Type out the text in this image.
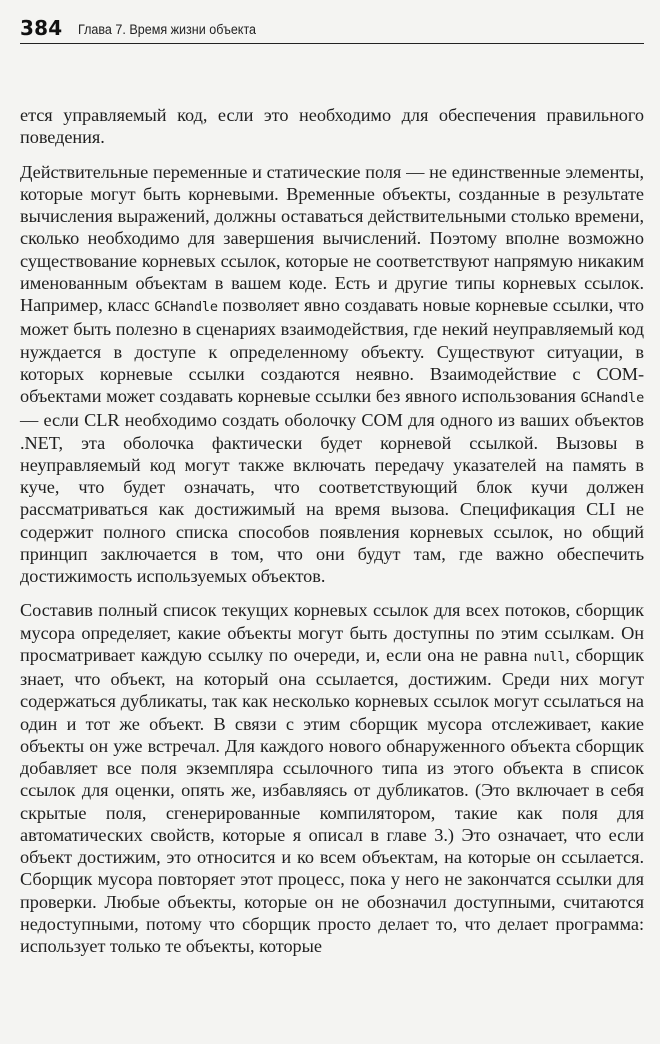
384 Глава 7. Время жизни объекта

ется управляемый код, если это необходимо для обеспечения правильного поведения.

Действительные переменные и статические поля — не единственные элементы, которые могут быть корневыми. Временные объекты, созданные в результате вычисления выражений, должны оставаться действительными столько времени, сколько необходимо для завершения вычислений. Поэтому вполне возможно существование корневых ссылок, которые не соответствуют напрямую никаким именованным объектам в вашем коде. Есть и другие типы корневых ссылок. Например, класс GCHandle позволяет явно создавать новые корневые ссылки, что может быть полезно в сценариях взаимодействия, где некий неуправляемый код нуждается в доступе к определенному объекту. Существуют ситуации, в которых корневые ссылки создаются неявно. Взаимодействие с COM-объектами может создавать корневые ссылки без явного использования GCHandle — если CLR необходимо создать оболочку COM для одного из ваших объектов .NET, эта оболочка фактически будет корневой ссылкой. Вызовы в неуправляемый код могут также включать передачу указателей на память в куче, что будет означать, что соответствующий блок кучи должен рассматриваться как достижимый на время вызова. Спецификация CLI не содержит полного списка способов появления корневых ссылок, но общий принцип заключается в том, что они будут там, где важно обеспечить достижимость используемых объектов.

Составив полный список текущих корневых ссылок для всех потоков, сборщик мусора определяет, какие объекты могут быть доступны по этим ссылкам. Он просматривает каждую ссылку по очереди, и, если она не равна null, сборщик знает, что объект, на который она ссылается, достижим. Среди них могут содержаться дубликаты, так как несколько корневых ссылок могут ссылаться на один и тот же объект. В связи с этим сборщик мусора отслеживает, какие объекты он уже встречал. Для каждого нового обнаруженного объекта сборщик добавляет все поля экземпляра ссылочного типа из этого объекта в список ссылок для оценки, опять же, избавляясь от дубликатов. (Это включает в себя скрытые поля, сгенерированные компилятором, такие как поля для автоматических свойств, которые я описал в главе 3.) Это означает, что если объект достижим, это относится и ко всем объектам, на которые он ссылается. Сборщик мусора повторяет этот процесс, пока у него не закончатся ссылки для проверки. Любые объекты, которые он не обозначил доступными, считаются недоступными, потому что сборщик просто делает то, что делает программа: использует только те объекты, которые
